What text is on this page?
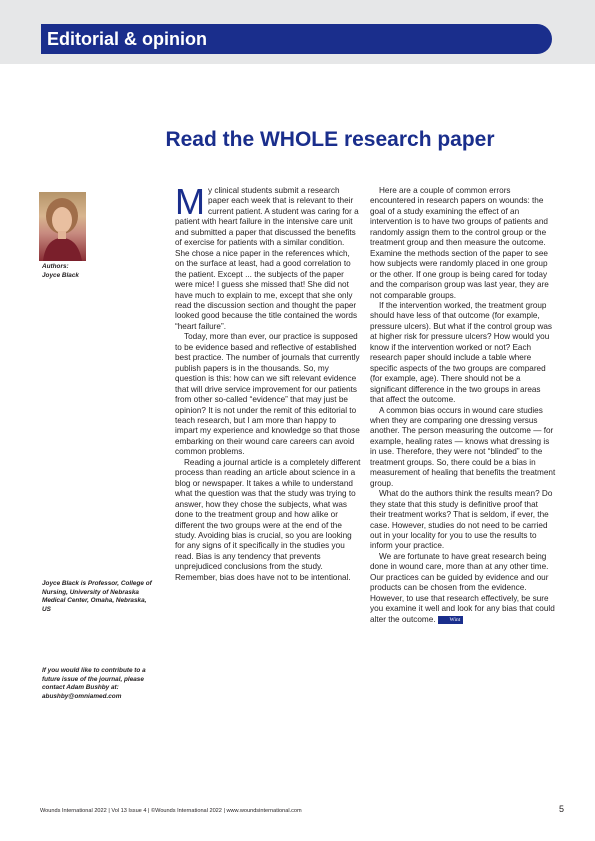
Editorial & opinion
Read the WHOLE research paper
Authors:
Joyce Black
Joyce Black is Professor, College of Nursing, University of Nebraska Medical Center, Omaha, Nebraska, US
If you would like to contribute to a future issue of the journal, please contact Adam Bushby at: abushby@omniamed.com

My clinical students submit a research paper each week that is relevant to their current patient. A student was caring for a patient with heart failure in the intensive care unit and submitted a paper that discussed the benefits of exercise for patients with a similar condition. She chose a nice paper in the references which, on the surface at least, had a good correlation to the patient. Except ... the subjects of the paper were mice! I guess she missed that! She did not have much to explain to me, except that she only read the discussion section and thought the paper looked good because the title contained the words “heart failure”.

Today, more than ever, our practice is supposed to be evidence based and reflective of established best practice. The number of journals that currently publish papers is in the thousands. So, my question is this: how can we sift relevant evidence that will drive service improvement for our patients from other so-called “evidence” that may just be opinion? It is not under the remit of this editorial to teach research, but I am more than happy to impart my experience and knowledge so that those embarking on their wound care careers can avoid common problems.

Reading a journal article is a completely different process than reading an article about science in a blog or newspaper. It takes a while to understand what the question was that the study was trying to answer, how they chose the subjects, what was done to the treatment group and how alike or different the two groups were at the end of the study. Avoiding bias is crucial, so you are looking for any signs of it specifically in the studies you read. Bias is any tendency that prevents unprejudiced conclusions from the study. Remember, bias does have not to be intentional.

Here are a couple of common errors encountered in research papers on wounds: the goal of a study examining the effect of an intervention is to have two groups of patients and randomly assign them to the control group or the treatment group and then measure the outcome. Examine the methods section of the paper to see how subjects were randomly placed in one group or the other. If one group is being cared for today and the comparison group was last year, they are not comparable groups.

If the intervention worked, the treatment group should have less of that outcome (for example, pressure ulcers). But what if the control group was at higher risk for pressure ulcers? How would you know if the intervention worked or not? Each research paper should include a table where specific aspects of the two groups are compared (for example, age). There should not be a significant difference in the two groups in areas that affect the outcome.

A common bias occurs in wound care studies when they are comparing one dressing versus another. The person measuring the outcome — for example, healing rates — knows what dressing is in use. Therefore, they were not “blinded” to the treatment groups. So, there could be a bias in measurement of healing that benefits the treatment group.

What do the authors think the results mean? Do they state that this study is definitive proof that their treatment works? That is seldom, if ever, the case. However, studies do not need to be carried out in your locality for you to use the results to inform your practice.

We are fortunate to have great research being done in wound care, more than at any other time. Our practices can be guided by evidence and our products can be chosen from the evidence. However, to use that research effectively, be sure you examine it well and look for any bias that could alter the outcome.	Wint

Wounds International 2022 | Vol 13 Issue 4 | ©Wounds International 2022 | www.woundsinternational.com	5
